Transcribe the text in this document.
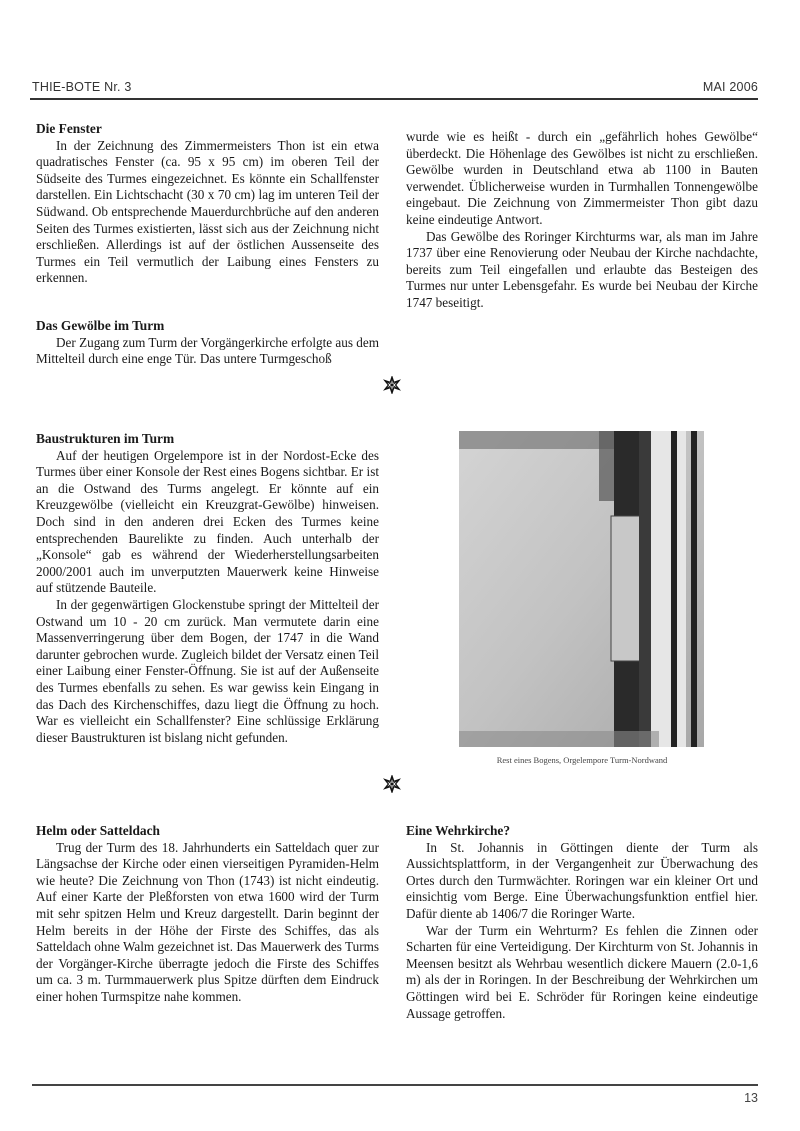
THIE-BOTE Nr. 3	MAI 2006
Die Fenster

In der Zeichnung des Zimmermeisters Thon ist ein etwa quadratisches Fenster (ca. 95 x 95 cm) im oberen Teil der Südseite des Turmes eingezeichnet. Es könnte ein Schallfenster darstellen. Ein Lichtschacht (30 x 70 cm) lag im unteren Teil der Südwand. Ob entsprechende Mauerdurchbrüche auf den anderen Seiten des Turmes existierten, lässt sich aus der Zeichnung nicht erschließen. Allerdings ist auf der östlichen Aussenseite des Turmes ein Teil vermutlich der Laibung eines Fensters zu erkennen.

Das Gewölbe im Turm

Der Zugang zum Turm der Vorgängerkirche erfolgte aus dem Mittelteil durch eine enge Tür. Das untere Turmgeschoß

wurde wie es heißt - durch ein „gefährlich hohes Gewölbe“ überdeckt. Die Höhenlage des Gewölbes ist nicht zu erschließen. Gewölbe wurden in Deutschland etwa ab 1100 in Bauten verwendet. Üblicherweise wurden in Turmhallen Tonnengewölbe eingebaut. Die Zeichnung von Zimmermeister Thon gibt dazu keine eindeutige Antwort.

Das Gewölbe des Roringer Kirchturms war, als man im Jahre 1737 über eine Renovierung oder Neubau der Kirche nachdachte, bereits zum Teil eingefallen und erlaubte das Besteigen des Turmes nur unter Lebensgefahr. Es wurde bei Neubau der Kirche 1747 beseitigt.

Baustrukturen im Turm

Auf der heutigen Orgelempore ist in der Nordost-Ecke des Turmes über einer Konsole der Rest eines Bogens sichtbar. Er ist an die Ostwand des Turms angelegt. Er könnte auf ein Kreuzgewölbe (vielleicht ein Kreuzgrat-Gewölbe) hinweisen. Doch sind in den anderen drei Ecken des Turmes keine entsprechenden Baurelikte zu finden. Auch unterhalb der „Konsole“ gab es während der Wiederherstellungsarbeiten 2000/2001 auch im unverputzten Mauerwerk keine Hinweise auf stützende Bauteile.

In der gegenwärtigen Glockenstube springt der Mittelteil der Ostwand um 10 - 20 cm zurück. Man vermutete darin eine Massenverringerung über dem Bogen, der 1747 in die Wand darunter gebrochen wurde. Zugleich bildet der Versatz einen Teil einer Laibung einer Fenster-Öffnung. Sie ist auf der Außenseite des Turmes ebenfalls zu sehen. Es war gewiss kein Eingang in das Dach des Kirchenschiffes, dazu liegt die Öffnung zu hoch. War es vielleicht ein Schallfenster? Eine schlüssige Erklärung dieser Baustrukturen ist bislang nicht gefunden.

Rest eines Bogens, Orgelempore Turm-Nordwand
Helm oder Satteldach

Trug der Turm des 18. Jahrhunderts ein Satteldach quer zur Längsachse der Kirche oder einen vierseitigen Pyramiden-Helm wie heute? Die Zeichnung von Thon (1743) ist nicht eindeutig. Auf einer Karte der Pleßforsten von etwa 1600 wird der Turm mit sehr spitzen Helm und Kreuz dargestellt. Darin beginnt der Helm bereits in der Höhe der Firste des Schiffes, das als Satteldach ohne Walm gezeichnet ist. Das Mauerwerk des Turms der Vorgänger-Kirche überragte jedoch die Firste des Schiffes um ca. 3 m. Turmmauerwerk plus Spitze dürften dem Eindruck einer hohen Turmspitze nahe kommen.

Eine Wehrkirche?

In St. Johannis in Göttingen diente der Turm als Aussichtsplattform, in der Vergangenheit zur Überwachung des Ortes durch den Turmwächter. Roringen war ein kleiner Ort und einsichtig vom Berge. Eine Überwachungsfunktion entfiel hier. Dafür diente ab 1406/7 die Roringer Warte.

War der Turm ein Wehrturm? Es fehlen die Zinnen oder Scharten für eine Verteidigung. Der Kirchturm von St. Johannis in Meensen besitzt als Wehrbau wesentlich dickere Mauern (2.0-1,6 m) als der in Roringen. In der Beschreibung der Wehrkirchen um Göttingen wird bei E. Schröder für Roringen keine eindeutige Aussage getroffen.

13
